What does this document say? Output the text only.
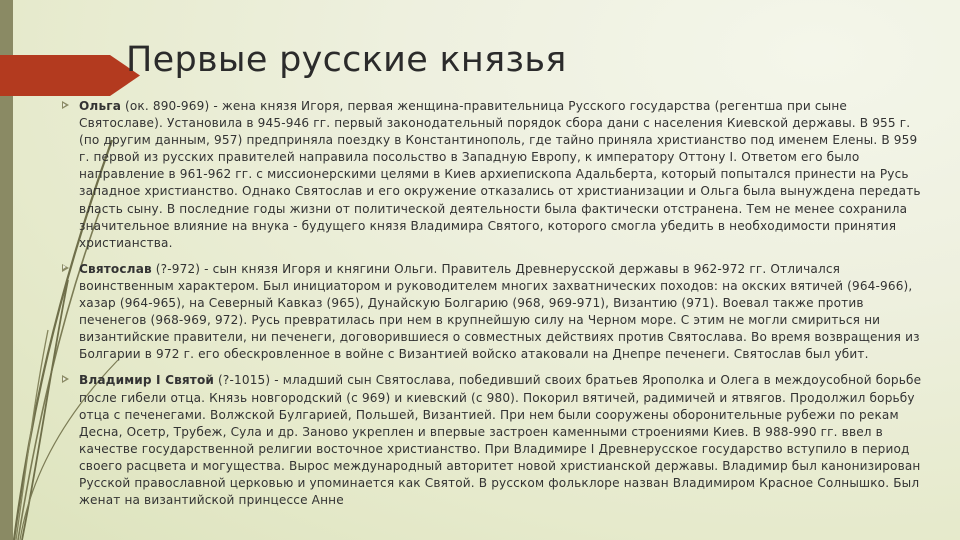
Первые русские князья

Ольга (ок. 890-969) - жена князя Игоря, первая женщина-правительница Русского государства (регентша при сыне Святославе). Установила в 945-946 гг. первый законодательный порядок сбора дани с населения Киевской державы. В 955 г. (по другим данным, 957) предприняла поездку в Константинополь, где тайно приняла христианство под именем Елены. В 959 г. первой из русских правителей направила посольство в Западную Европу, к императору Оттону I. Ответом его было направление в 961-962 гг. с миссионерскими целями в Киев архиепископа Адальберта, который попытался принести на Русь западное христианство. Однако Святослав и его окружение отказались от христианизации и Ольга была вынуждена передать власть сыну. В последние годы жизни от политической деятельности была фактически отстранена. Тем не менее сохранила значительное влияние на внука - будущего князя Владимира Святого, которого смогла убедить в необходимости принятия христианства.

Святослав (?-972) - сын князя Игоря и княгини Ольги. Правитель Древнерусской державы в 962-972 гг. Отличался воинственным характером. Был инициатором и руководителем многих захватнических походов: на окских вятичей (964-966), хазар (964-965), на Северный Кавказ (965), Дунайскую Болгарию (968, 969-971), Византию (971). Воевал также против печенегов (968-969, 972). Русь превратилась при нем в крупнейшую силу на Черном море. С этим не могли смириться ни византийские правители, ни печенеги, договорившиеся о совместных действиях против Святослава. Во время возвращения из Болгарии в 972 г. его обескровленное в войне с Византией войско атаковали на Днепре печенеги. Святослав был убит.

Владимир I Святой (?-1015) - младший сын Святослава, победивший своих братьев Ярополка и Олега в междоусобной борьбе после гибели отца. Князь новгородский (с 969) и киевский (с 980). Покорил вятичей, радимичей и ятвягов. Продолжил борьбу отца с печенегами. Волжской Булгарией, Польшей, Византией. При нем были сооружены оборонительные рубежи по рекам Десна, Осетр, Трубеж, Сула и др. Заново укреплен и впервые застроен каменными строениями Киев. В 988-990 гг. ввел в качестве государственной религии восточное христианство. При Владимире I Древнерусское государство вступило в период своего расцвета и могущества. Вырос международный авторитет новой христианской державы. Владимир был канонизирован Русской православной церковью и упоминается как Святой. В русском фольклоре назван Владимиром Красное Солнышко. Был женат на византийской принцессе Анне
